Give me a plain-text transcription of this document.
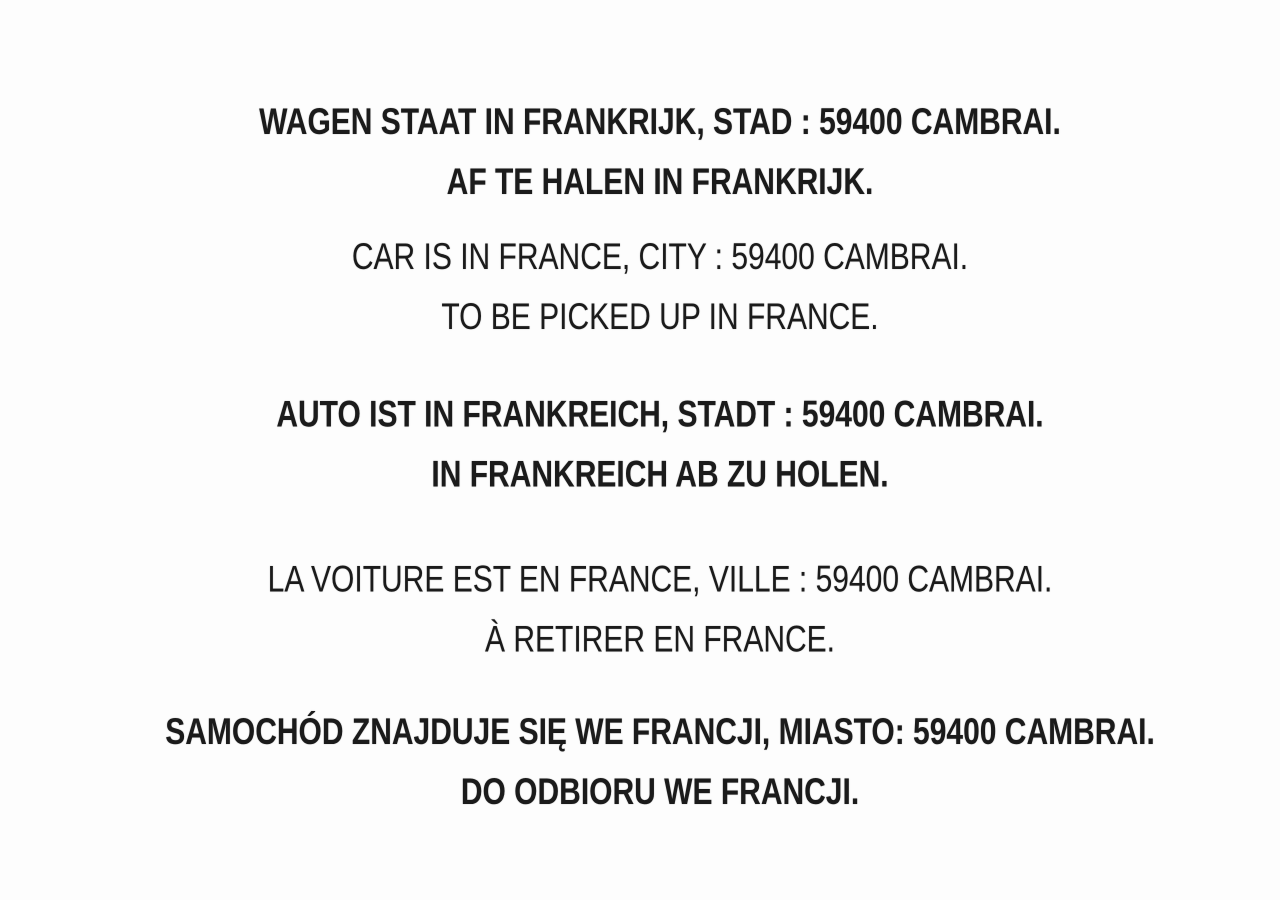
WAGEN STAAT IN FRANKRIJK, STAD : 59400 CAMBRAI.

AF TE HALEN IN FRANKRIJK.

CAR IS IN FRANCE, CITY : 59400 CAMBRAI.

TO BE PICKED UP IN FRANCE.

AUTO IST IN FRANKREICH, STADT : 59400 CAMBRAI.

IN FRANKREICH AB ZU HOLEN.

LA VOITURE EST EN FRANCE, VILLE : 59400 CAMBRAI.

À RETIRER EN FRANCE.

SAMOCHÓD ZNAJDUJE SIĘ WE FRANCJI, MIASTO: 59400 CAMBRAI.

DO ODBIORU WE FRANCJI.
